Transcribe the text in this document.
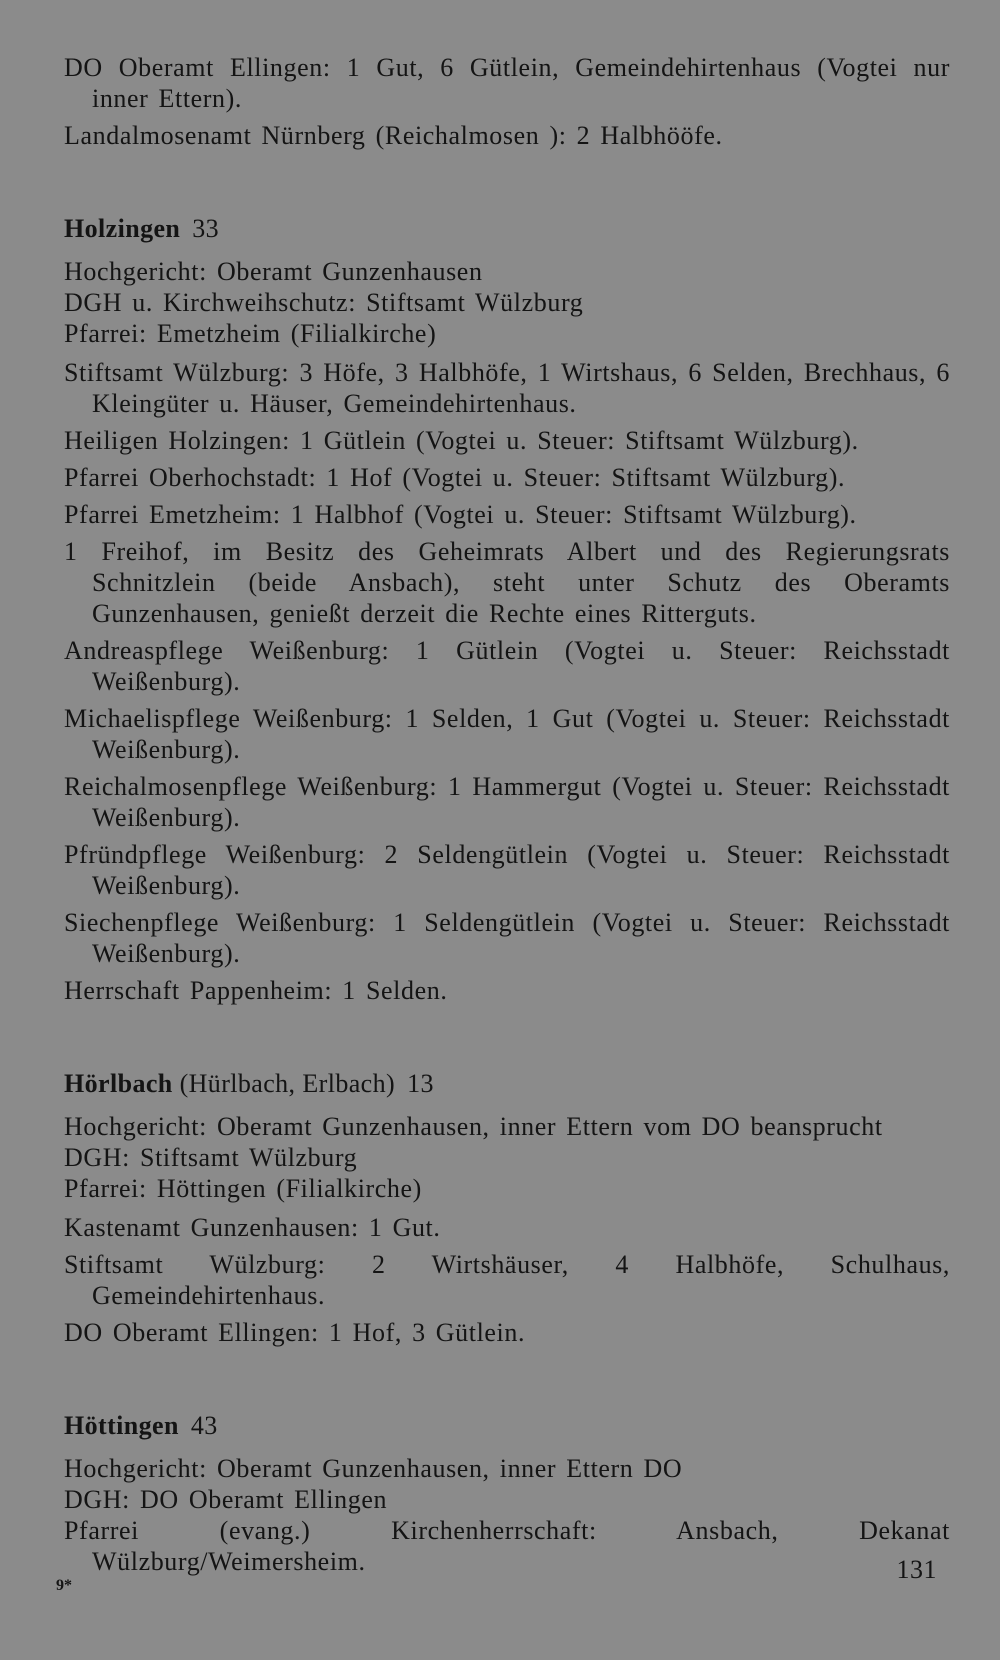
DO Oberamt Ellingen: 1 Gut, 6 Gütlein, Gemeindehirtenhaus (Vogtei nur inner Ettern).

Landalmosenamt Nürnberg (Reichalmosen ): 2 Halbhööfe.

Holzingen 33

Hochgericht: Oberamt Gunzenhausen

DGH u. Kirchweihschutz: Stiftsamt Wülzburg

Pfarrei: Emetzheim (Filialkirche)

Stiftsamt Wülzburg: 3 Höfe, 3 Halbhöfe, 1 Wirtshaus, 6 Selden, Brechhaus, 6 Kleingüter u. Häuser, Gemeindehirtenhaus.

Heiligen Holzingen: 1 Gütlein (Vogtei u. Steuer: Stiftsamt Wülzburg).

Pfarrei Oberhochstadt: 1 Hof (Vogtei u. Steuer: Stiftsamt Wülzburg).

Pfarrei Emetzheim: 1 Halbhof (Vogtei u. Steuer: Stiftsamt Wülzburg).

1 Freihof, im Besitz des Geheimrats Albert und des Regierungsrats Schnitzlein (beide Ansbach), steht unter Schutz des Oberamts Gunzenhausen, genießt derzeit die Rechte eines Ritterguts.

Andreaspflege Weißenburg: 1 Gütlein (Vogtei u. Steuer: Reichsstadt Weißenburg).

Michaelispflege Weißenburg: 1 Selden, 1 Gut (Vogtei u. Steuer: Reichsstadt Weißenburg).

Reichalmosenpflege Weißenburg: 1 Hammergut (Vogtei u. Steuer: Reichsstadt Weißenburg).

Pfründpflege Weißenburg: 2 Seldengütlein (Vogtei u. Steuer: Reichsstadt Weißenburg).

Siechenpflege Weißenburg: 1 Seldengütlein (Vogtei u. Steuer: Reichsstadt Weißenburg).

Herrschaft Pappenheim: 1 Selden.

Hörlbach (Hürlbach, Erlbach) 13

Hochgericht: Oberamt Gunzenhausen, inner Ettern vom DO beansprucht

DGH: Stiftsamt Wülzburg

Pfarrei: Höttingen (Filialkirche)

Kastenamt Gunzenhausen: 1 Gut.

Stiftsamt Wülzburg: 2 Wirtshäuser, 4 Halbhöfe, Schulhaus, Gemeindehirtenhaus.

DO Oberamt Ellingen: 1 Hof, 3 Gütlein.

Höttingen 43

Hochgericht: Oberamt Gunzenhausen, inner Ettern DO

DGH: DO Oberamt Ellingen

Pfarrei (evang.) Kirchenherrschaft: Ansbach, Dekanat Wülzburg/Weimersheim.	131
9*
